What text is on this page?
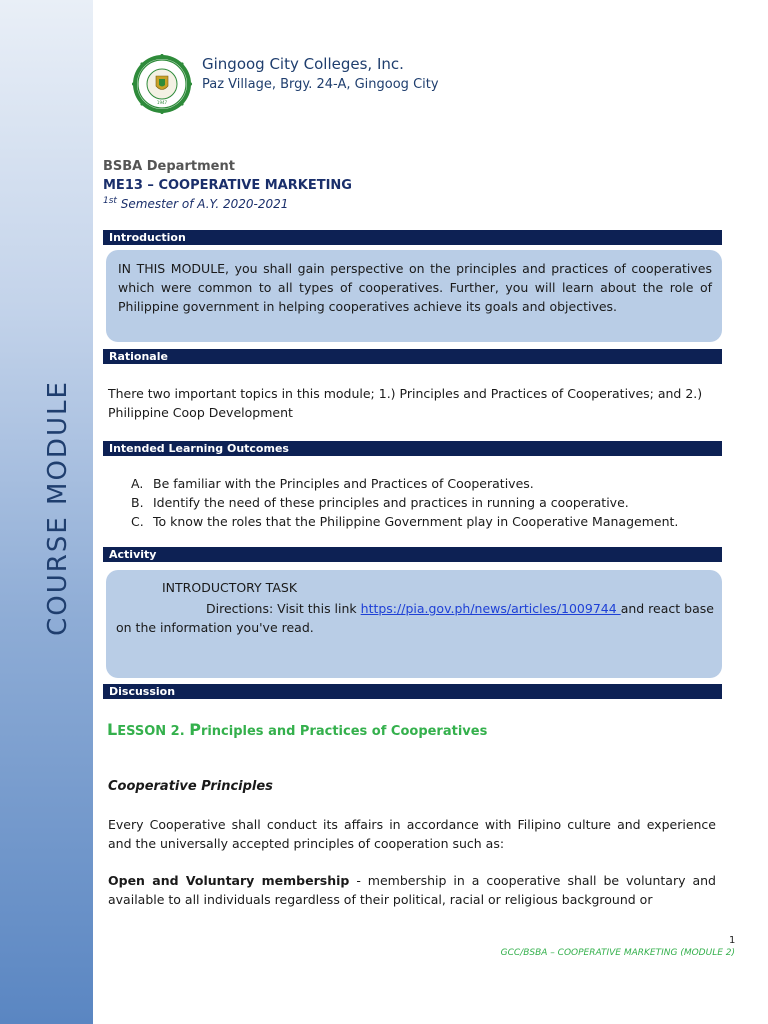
COURSE MODULE
1947
Gingoog City Colleges, Inc.
Paz Village, Brgy. 24-A, Gingoog City
BSBA Department
ME13 – COOPERATIVE MARKETING
$^{1st}$ Semester of A.Y. 2020-2021
Introduction
IN THIS MODULE, you shall gain perspective on the principles and practices of cooperatives which were common to all types of cooperatives. Further, you will learn about the role of Philippine government in helping cooperatives achieve its goals and objectives.
Rationale
There two important topics in this module; 1.) Principles and Practices of Cooperatives; and 2.) Philippine Coop Development
Intended Learning Outcomes
A. Be familiar with the Principles and Practices of Cooperatives.
B. Identify the need of these principles and practices in running a cooperative.
C. To know the roles that the Philippine Government play in Cooperative Management.
Activity
INTRODUCTORY TASK
Directions: Visit this link https://pia.gov.ph/news/articles/1009744 and react base on the information you've read.
Discussion
LESSON 2. Principles and Practices of Cooperatives
Cooperative Principles
Every Cooperative shall conduct its affairs in accordance with Filipino culture and experience and the universally accepted principles of cooperation such as:
Open and Voluntary membership - membership in a cooperative shall be voluntary and available to all individuals regardless of their political, racial or religious background or
1
GCC/BSBA – COOPERATIVE MARKETING (MODULE 2)
